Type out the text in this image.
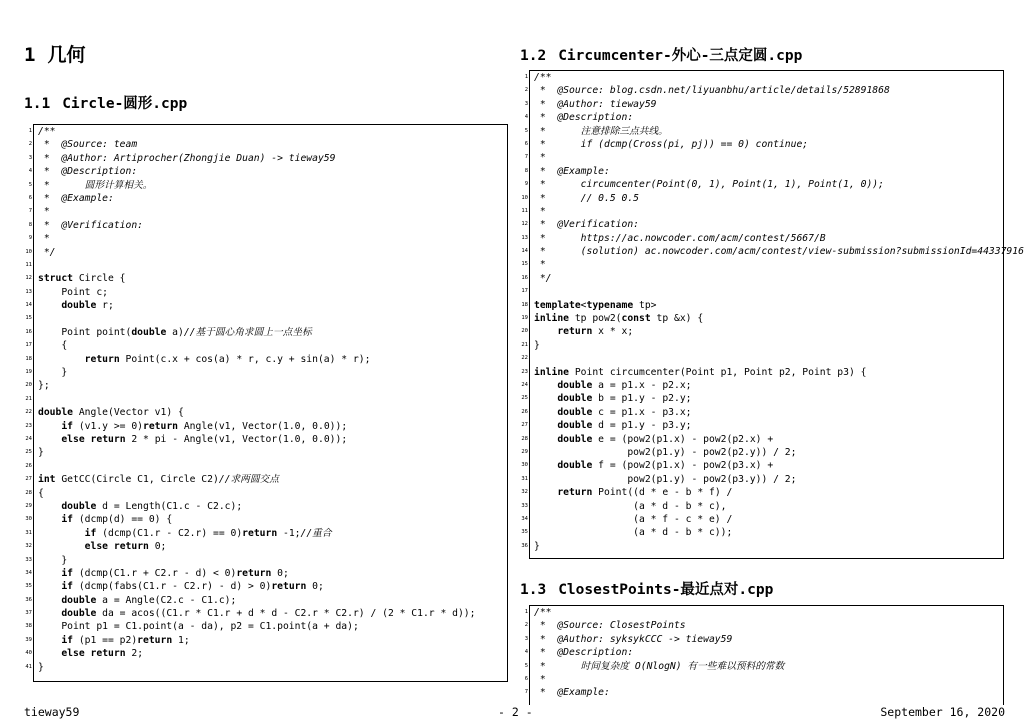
1 几何
1.1 Circle-圆形.cpp
1 /**
2 *  @Source: team
3 *  @Author: Artiprocher(Zhongjie Duan) -> tieway59
4 *  @Description:
5 *      圆形计算相关。
6 *  @Example:
7 *
8 *  @Verification:
9 *
10 */
11
12 struct Circle {
13 Point c;
14	double r;
15
16 Point point(double a)//基于圆心角求圆上一点坐标
17 {
18	return Point(c.x + cos(a) * r, c.y + sin(a) * r);
19 }
20 };
21
22 double Angle(Vector v1) {
23	if (v1.y >= 0)return Angle(v1, Vector(1.0, 0.0));
24	else return 2 * pi - Angle(v1, Vector(1.0, 0.0));
25 }
26
27 int GetCC(Circle C1, Circle C2)//求两圆交点
28 {
29	double d = Length(C1.c - C2.c);
30	if (dcmp(d) == 0) {
31	if (dcmp(C1.r - C2.r) == 0)return -1;//重合
32	else return 0;
33 }
34	if (dcmp(C1.r + C2.r - d) < 0)return 0;
35	if (dcmp(fabs(C1.r - C2.r) - d) > 0)return 0;
36	double a = Angle(C2.c - C1.c);
37	double da = acos((C1.r * C1.r + d * d - C2.r * C2.r) / (2 * C1.r * d));
38 Point p1 = C1.point(a - da), p2 = C1.point(a + da);
39	if (p1 == p2)return 1;
40	else return 2;
41 }
1.2 Circumcenter-外心-三点定圆.cpp
1 /**
2 *  @Source: blog.csdn.net/liyuanbhu/article/details/52891868
3 *  @Author: tieway59
4 *  @Description:
5 *      注意排除三点共线。
6 *      if (dcmp(Cross(pi, pj)) == 0) continue;
7 *
8 *  @Example:
9 *      circumcenter(Point(0, 1), Point(1, 1), Point(1, 0));
10 *      // 0.5 0.5
11 *
12 *  @Verification:
13 *      https://ac.nowcoder.com/acm/contest/5667/B
14 *      (solution) ac.nowcoder.com/acm/contest/view-submission?submissionId=44337916
15 *
16 */
17
18 template<typename tp>
19 inline tp pow2(const tp &x) {
20	return x * x;
21 }
22
23 inline Point circumcenter(Point p1, Point p2, Point p3) {
24	double a = p1.x - p2.x;
25	double b = p1.y - p2.y;
26	double c = p1.x - p3.x;
27	double d = p1.y - p3.y;
28	double e = (pow2(p1.x) - pow2(p2.x) +
29 pow2(p1.y) - pow2(p2.y)) / 2;
30	double f = (pow2(p1.x) - pow2(p3.x) +
31 pow2(p1.y) - pow2(p3.y)) / 2;
32	return Point((d * e - b * f) /
33 (a * d - b * c),
34 (a * f - c * e) /
35 (a * d - b * c));
36 }
1.3 ClosestPoints-最近点对.cpp
1 /**
2 *  @Source: ClosestPoints
3 *  @Author: syksykCCC -> tieway59
4 *  @Description:
5 *      时间复杂度 O(NlogN) 有一些难以预料的常数
6 *
7 *  @Example:
tieway59	- 2 -	September 16, 2020
